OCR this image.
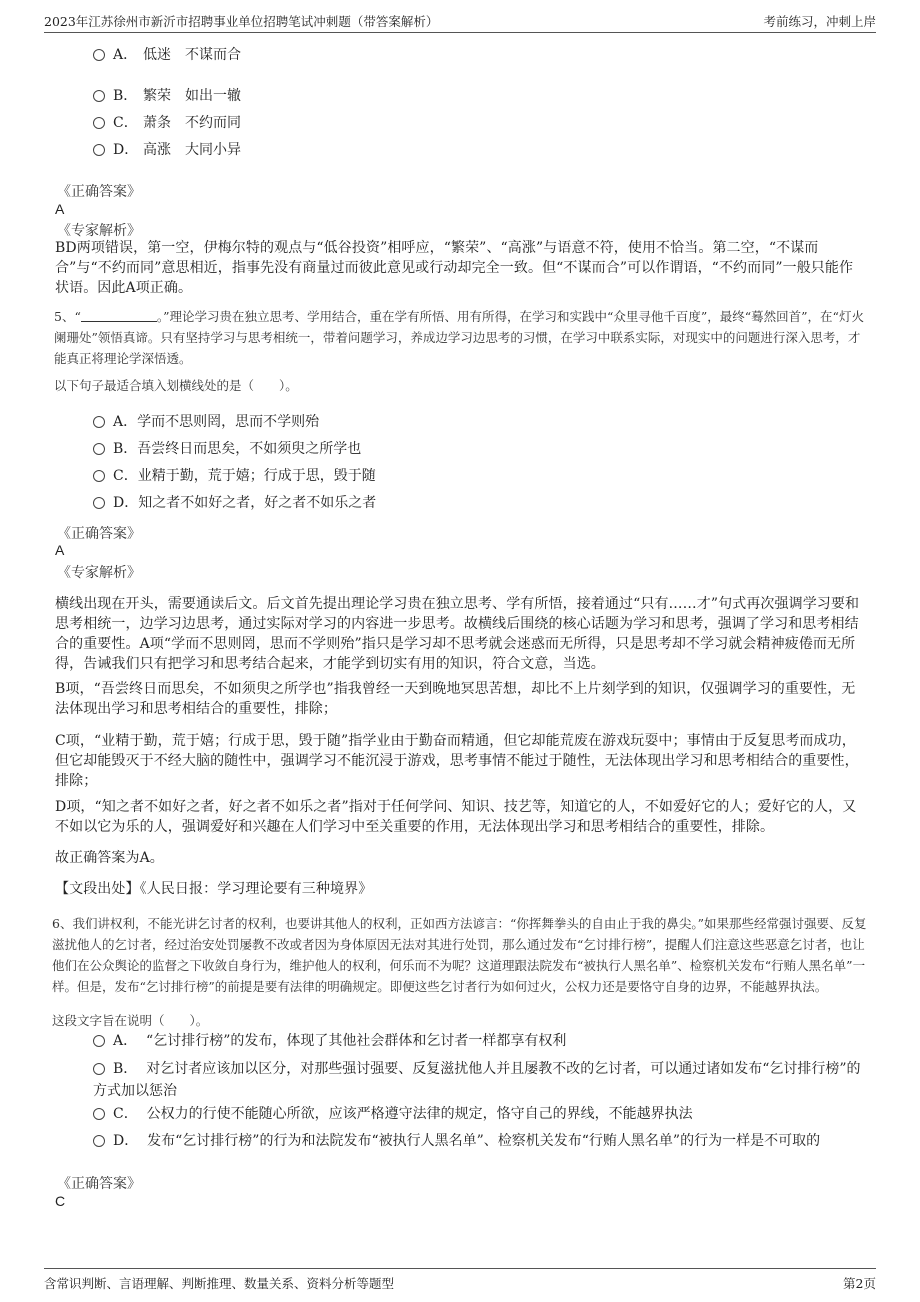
2023年江苏徐州市新沂市招聘事业单位招聘笔试冲刺题（带答案解析）	考前练习，冲刺上岸
A． 低迷 不谋而合
B． 繁荣 如出一辙
C． 萧条 不约而同
D． 高涨 大同小异
《正确答案》
A
《专家解析》
BD两项错误，第一空，伊梅尔特的观点与“低谷投资”相呼应，“繁荣”、“高涨”与语意不符，使用不恰当。第二空，“不谋而合”与“不约而同”意思相近，指事先没有商量过而彼此意见或行动却完全一致。但“不谋而合”可以作谓语，“不约而同”一般只能作状语。因此A项正确。
5、“	。”理论学习贵在独立思考、学用结合，重在学有所悟、用有所得，在学习和实践中“众里寻他千百度”，最终“蓦然回首”，在“灯火阑珊处”领悟真谛。只有坚持学习与思考相统一，带着问题学习，养成边学习边思考的习惯，在学习中联系实际，对现实中的问题进行深入思考，才能真正将理论学深悟透。
以下句子最适合填入划横线处的是（　　）。
A．学而不思则罔，思而不学则殆
B．吾尝终日而思矣，不如须臾之所学也
C．业精于勤，荒于嬉；行成于思，毁于随
D．知之者不如好之者，好之者不如乐之者
《正确答案》
A
《专家解析》
横线出现在开头，需要通读后文。后文首先提出理论学习贵在独立思考、学有所悟，接着通过“只有……才”句式再次强调学习要和思考相统一，边学习边思考，通过实际对学习的内容进一步思考。故横线后围绕的核心话题为学习和思考，强调了学习和思考相结合的重要性。A项“学而不思则罔，思而不学则殆”指只是学习却不思考就会迷惑而无所得，只是思考却不学习就会精神疲倦而无所得，告诫我们只有把学习和思考结合起来，才能学到切实有用的知识，符合文意，当选。
B项，“吾尝终日而思矣，不如须臾之所学也”指我曾经一天到晚地冥思苦想，却比不上片刻学到的知识，仅强调学习的重要性，无法体现出学习和思考相结合的重要性，排除；
C项，“业精于勤，荒于嬉；行成于思，毁于随”指学业由于勤奋而精通，但它却能荒废在游戏玩耍中；事情由于反复思考而成功，但它却能毁灭于不经大脑的随性中，强调学习不能沉浸于游戏，思考事情不能过于随性，无法体现出学习和思考相结合的重要性，排除；
D项，“知之者不如好之者，好之者不如乐之者”指对于任何学问、知识、技艺等，知道它的人，不如爱好它的人；爱好它的人，又不如以它为乐的人，强调爱好和兴趣在人们学习中至关重要的作用，无法体现出学习和思考相结合的重要性，排除。
故正确答案为A。
【文段出处】《人民日报：学习理论要有三种境界》
6、我们讲权利，不能光讲乞讨者的权利，也要讲其他人的权利，正如西方法谚言：“你挥舞拳头的自由止于我的鼻尖。”如果那些经常强讨强要、反复滋扰他人的乞讨者，经过治安处罚屡教不改或者因为身体原因无法对其进行处罚，那么通过发布“乞讨排行榜”，提醒人们注意这些恶意乞讨者，也让他们在公众舆论的监督之下收敛自身行为，维护他人的权利，何乐而不为呢？这道理跟法院发布“被执行人黑名单”、检察机关发布“行贿人黑名单”一样。但是，发布“乞讨排行榜”的前提是要有法律的明确规定。即便这些乞讨者行为如何过火，公权力还是要恪守自身的边界，不能越界执法。
这段文字旨在说明（　　）。
A． “乞讨排行榜”的发布，体现了其他社会群体和乞讨者一样都享有权利
B． 对乞讨者应该加以区分，对那些强讨强要、反复滋扰他人并且屡教不改的乞讨者，可以通过诸如发布“乞讨排行榜”的方式加以惩治
C． 公权力的行使不能随心所欲，应该严格遵守法律的规定，恪守自己的界线，不能越界执法
D． 发布“乞讨排行榜”的行为和法院发布“被执行人黑名单”、检察机关发布“行贿人黑名单”的行为一样是不可取的
《正确答案》
C
含常识判断、言语理解、判断推理、数量关系、资料分析等题型	第2页
